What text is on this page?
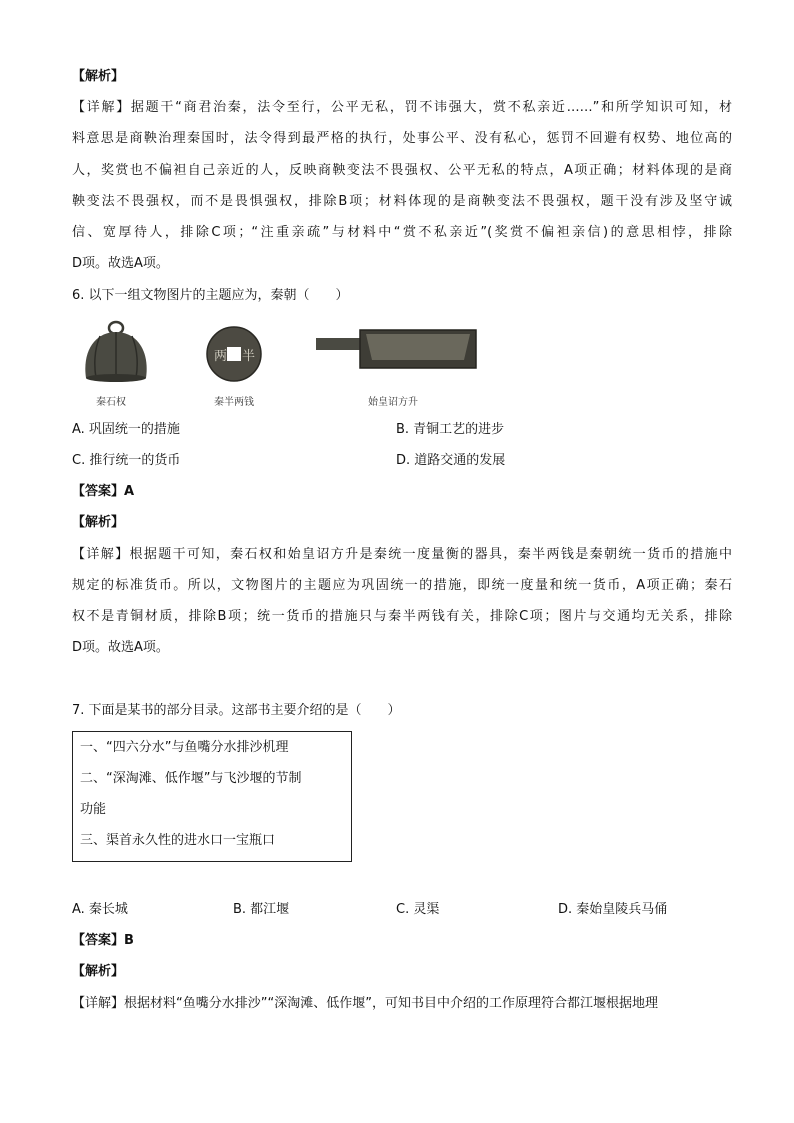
【解析】
【详解】据题干“商君治秦，法令至行，公平无私，罚不讳强大，赏不私亲近……”和所学知识可知，材
料意思是商鞅治理秦国时，法令得到最严格的执行，处事公平、没有私心，惩罚不回避有权势、地位高的
人，奖赏也不偏袒自己亲近的人，反映商鞅变法不畏强权、公平无私的特点，A项正确；材料体现的是商
鞅变法不畏强权，而不是畏惧强权，排除B项；材料体现的是商鞅变法不畏强权，题干没有涉及坚守诚
信、宽厚待人，排除C项；“注重亲疏”与材料中“赏不私亲近”(奖赏不偏袒亲信)的意思相悖，排除
D项。故选A项。
6. 以下一组文物图片的主题应为，秦朝（　　）
两 半
秦石权	秦半两钱	始皇诏方升
A. 巩固统一的措施	B. 青铜工艺的进步
C. 推行统一的货币	D. 道路交通的发展
【答案】A
【解析】
【详解】根据题干可知，秦石权和始皇诏方升是秦统一度量衡的器具，秦半两钱是秦朝统一货币的措施中
规定的标准货币。所以，文物图片的主题应为巩固统一的措施，即统一度量和统一货币，A项正确；秦石
权不是青铜材质，排除B项；统一货币的措施只与秦半两钱有关，排除C项；图片与交通均无关系，排除
D项。故选A项。
7. 下面是某书的部分目录。这部书主要介绍的是（　　）
一、“四六分水”与鱼嘴分水排沙机理
二、“深淘滩、低作堰”与飞沙堰的节制
功能
三、渠首永久性的进水口一宝瓶口
A. 秦长城	B. 都江堰	C. 灵渠	D. 秦始皇陵兵马俑
【答案】B
【解析】
【详解】根据材料“鱼嘴分水排沙”“深淘滩、低作堰”，可知书目中介绍的工作原理符合都江堰根据地理
